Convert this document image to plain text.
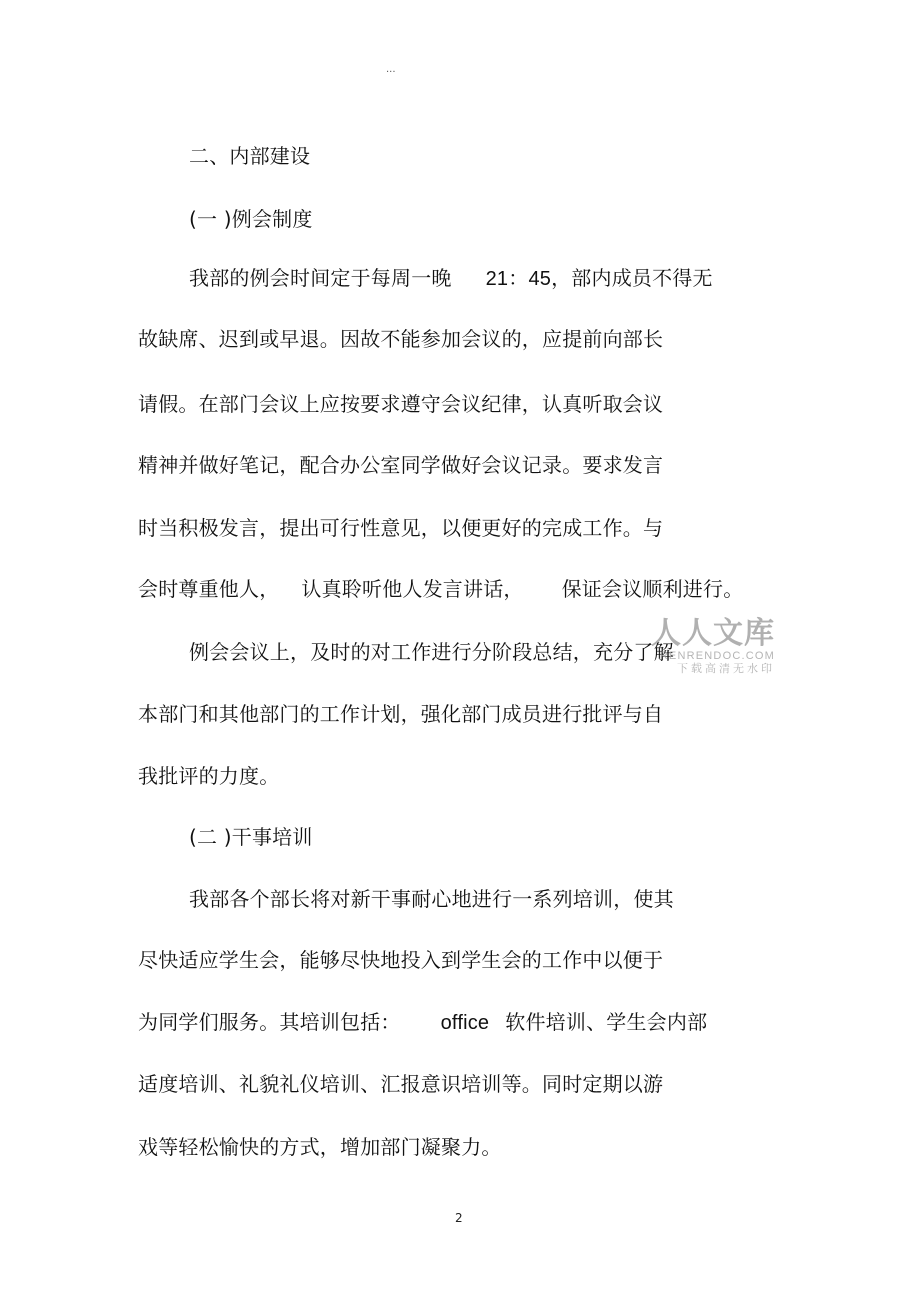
...
二、内部建设
(一 )例会制度
我部的例会时间定于每周一晚 21：45，部内成员不得无
故缺席、迟到或早退。因故不能参加会议的，应提前向部长
请假。在部门会议上应按要求遵守会议纪律，认真听取会议
精神并做好笔记，配合办公室同学做好会议记录。要求发言
时当积极发言，提出可行性意见，以便更好的完成工作。与
会时尊重他人， 认真聆听他人发言讲话， 保证会议顺利进行。
例会会议上，及时的对工作进行分阶段总结，充分了解
本部门和其他部门的工作计划，强化部门成员进行批评与自
我批评的力度。
(二 )干事培训
我部各个部长将对新干事耐心地进行一系列培训，使其
尽快适应学生会，能够尽快地投入到学生会的工作中以便于
为同学们服务。其培训包括： office 软件培训、学生会内部
适度培训、礼貌礼仪培训、汇报意识培训等。同时定期以游
戏等轻松愉快的方式，增加部门凝聚力。
人人文库
RENRENDOC.COM
下载高清无水印
2
